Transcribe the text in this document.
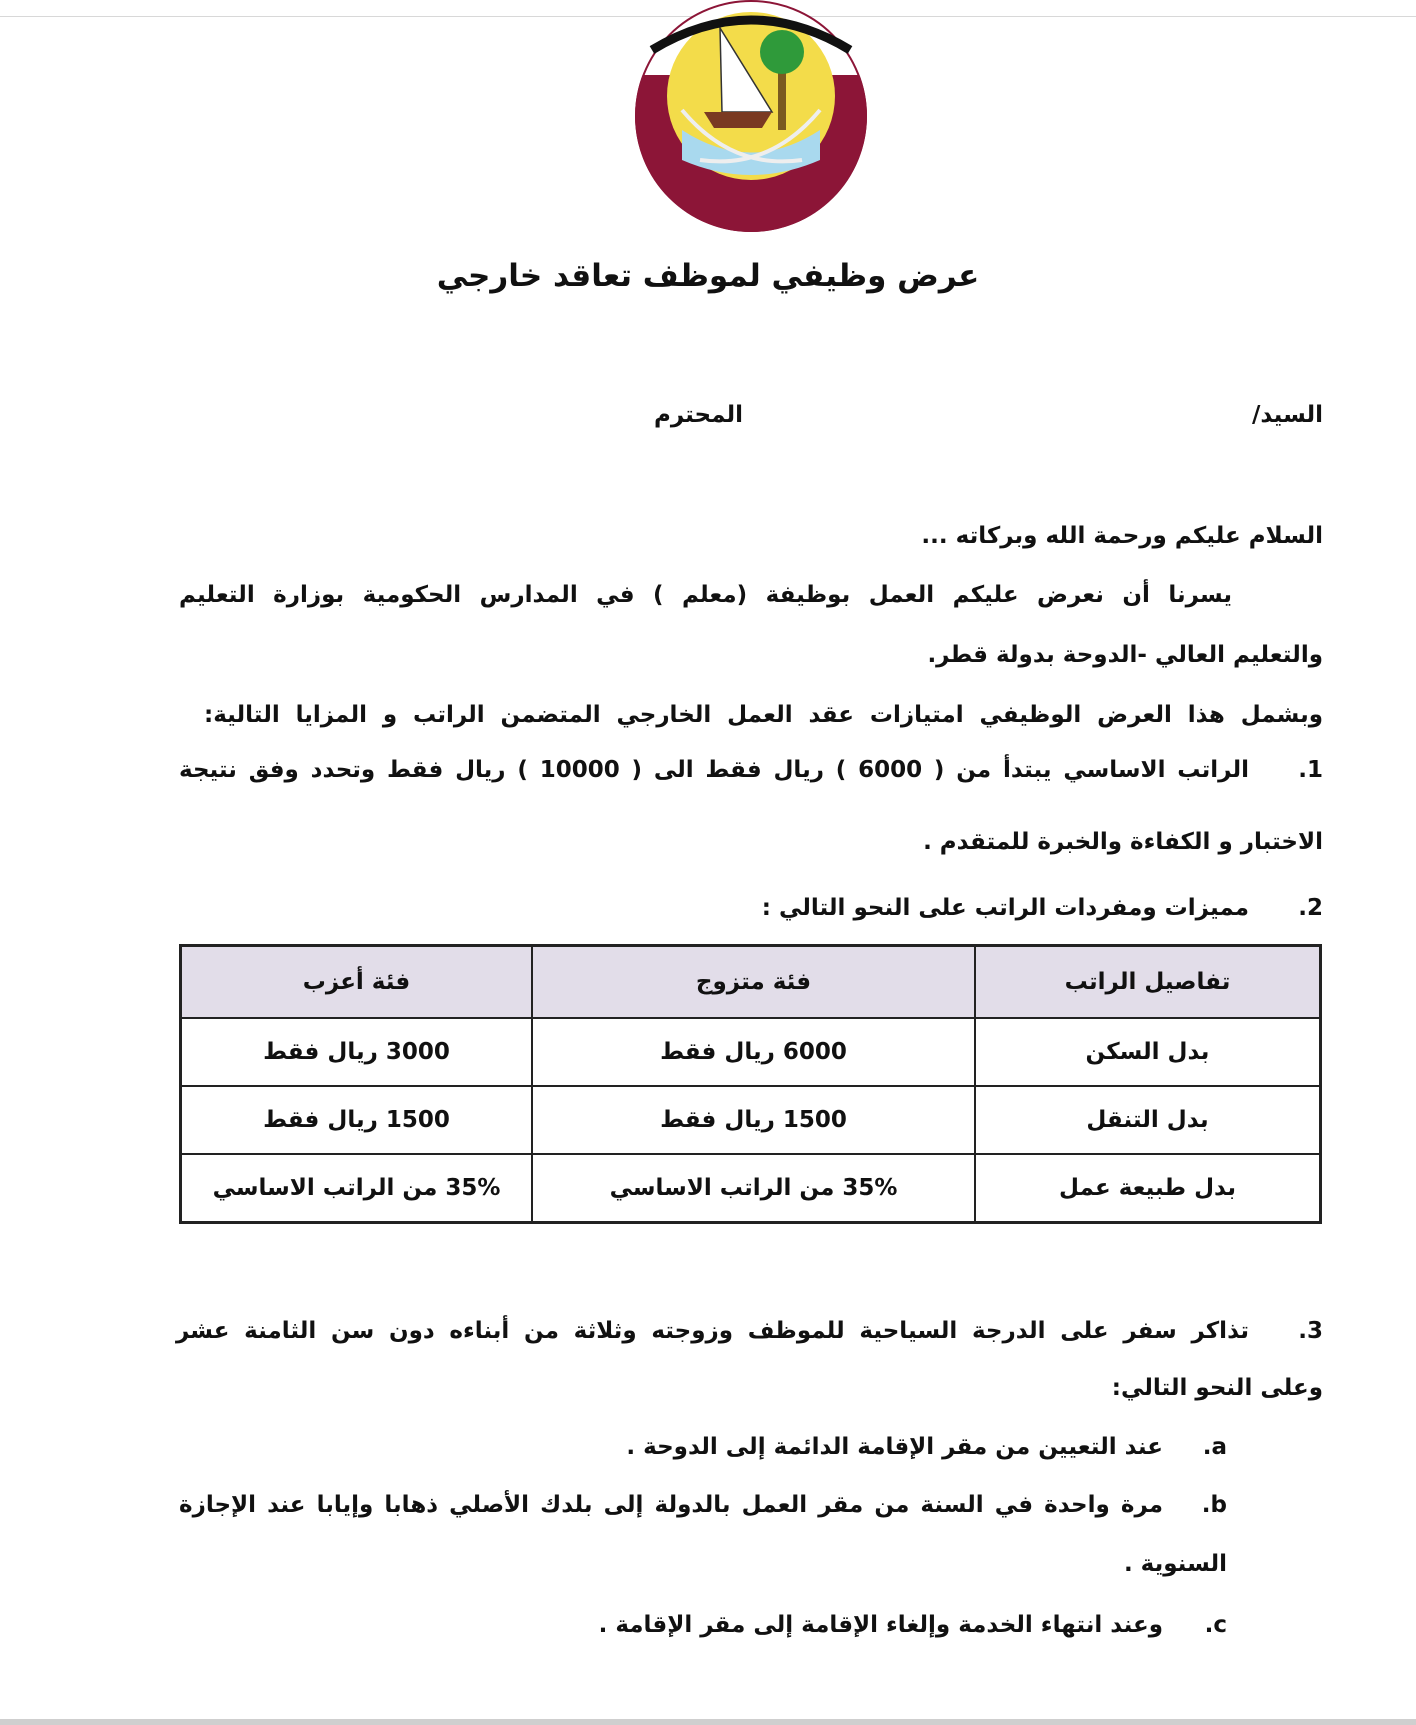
عرض وظيفي لموظف تعاقد خارجي
السيد/
المحترم
السلام عليكم ورحمة الله وبركاته ...
يسرنا أن نعرض عليكم العمل بوظيفة (معلم ) في المدارس الحكومية بوزارة التعليم
والتعليم العالي -الدوحة بدولة قطر.
وبشمل هذا العرض الوظيفي امتيازات عقد العمل الخارجي المتضمن الراتب و المزايا التالية:
1.
الراتب الاساسي يبتدأ من ( 6000 ) ريال فقط الى ( 10000 ) ريال فقط وتحدد وفق نتيجة
الاختبار و الكفاءة والخبرة للمتقدم .
2.
مميزات ومفردات الراتب على النحو التالي :
تفاصيل الراتب	فئة متزوج	فئة أعزب
بدل السكن	6000 ريال فقط	3000 ريال فقط
بدل التنقل	1500 ريال فقط	1500 ريال فقط
بدل طبيعة عمل	35% من الراتب الاساسي	35% من الراتب الاساسي
3.
تذاكر سفر على الدرجة السياحية للموظف وزوجته وثلاثة من أبناءه دون سن الثامنة عشر
وعلى النحو التالي:
a.
عند التعيين من مقر الإقامة الدائمة إلى الدوحة .
b.
مرة واحدة في السنة من مقر العمل بالدولة إلى بلدك الأصلي ذهابا وإيابا عند الإجازة
السنوية .
c.
وعند انتهاء الخدمة وإلغاء الإقامة إلى مقر الإقامة .
